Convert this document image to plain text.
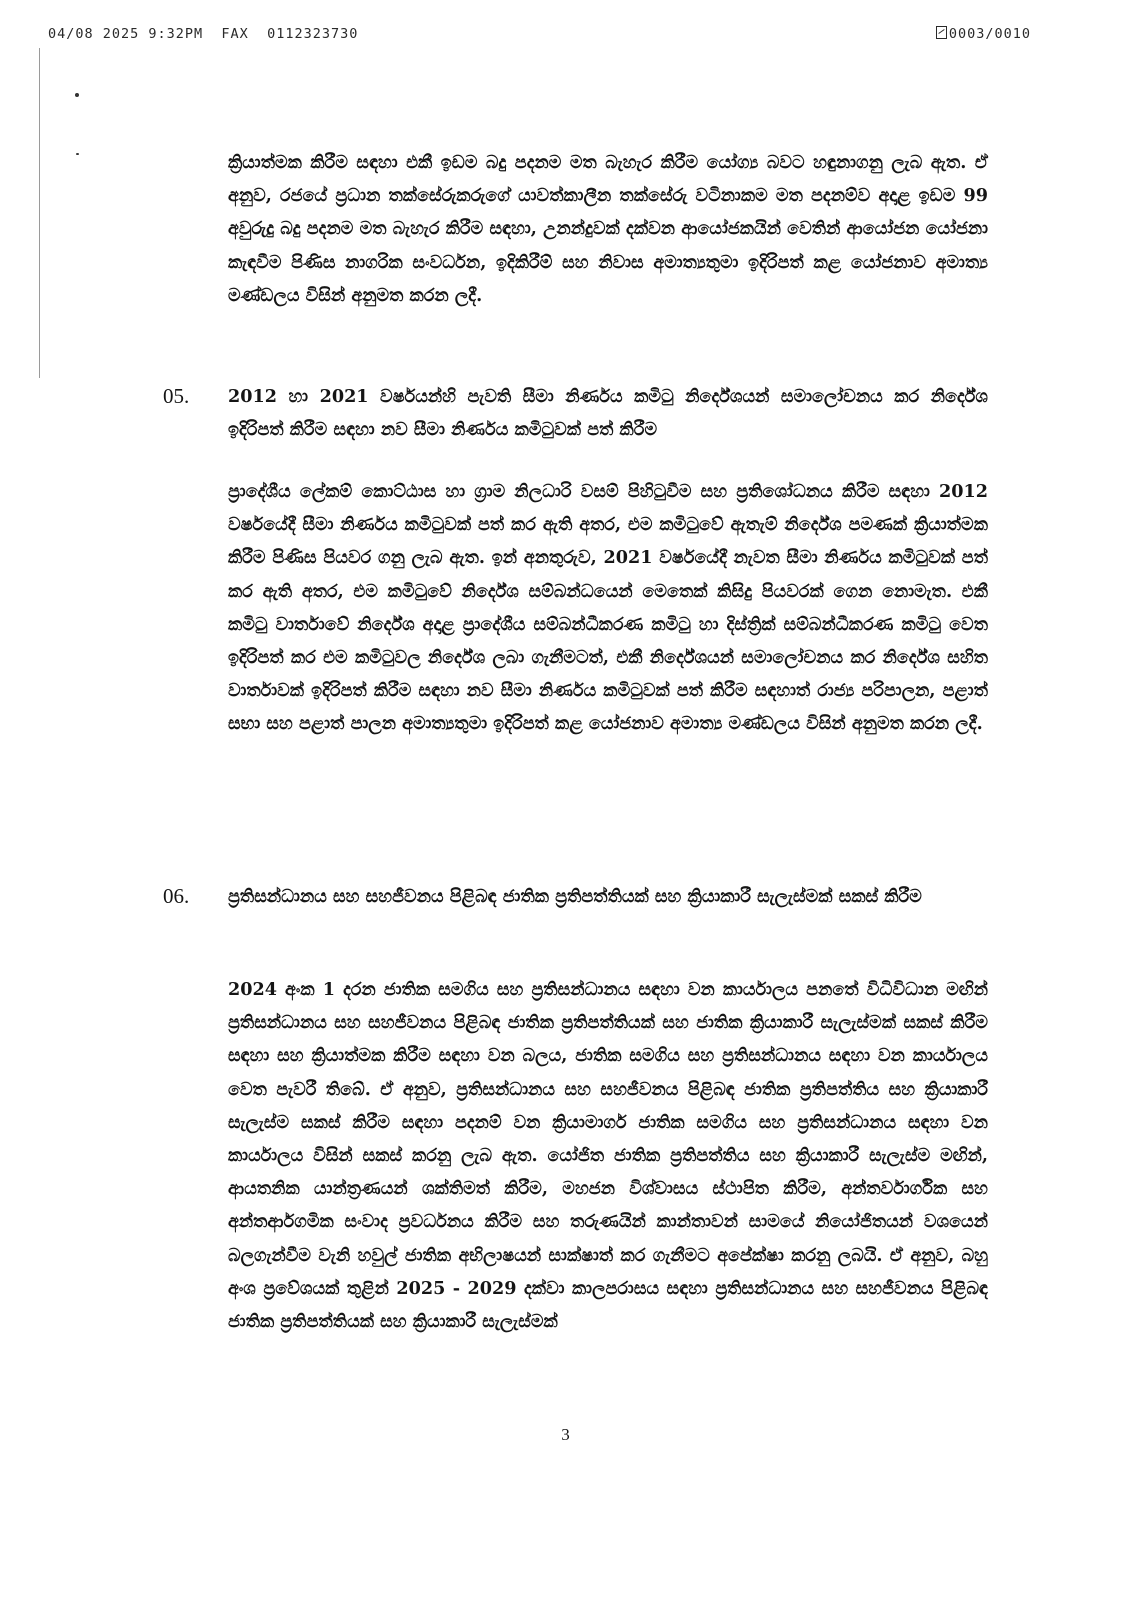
04/08 2025 9:32PM  FAX  0112323730	0003/0010
ක්‍රියාත්මක කිරීම සඳහා එකී ඉඩම බදු පදනම මත බැහැර කිරීම යෝග්‍ය බවට හඳුනාගනු ලැබ ඇත. ඒ අනුව, රජයේ ප්‍රධාන තක්සේරුකරුගේ යාවත්කාලීන තක්සේරු වටිනාකම මත පදනම්ව අදාළ ඉඩම 99 අවුරුදු බදු පදනම මත බැහැර කිරීම සඳහා, උනන්දුවක් දක්වන ආයෝජකයින් වෙතින් ආයෝජන යෝජනා කැඳවීම පිණිස නාගරික සංවර්ධන, ඉදිකිරීම් සහ නිවාස අමාත්‍යතුමා ඉදිරිපත් කළ යෝජනාව අමාත්‍ය මණ්ඩලය විසින් අනුමත කරන ලදී.
05. 2012 හා 2021 වර්ෂයන්හි පැවති සීමා නිර්ණය කමිටු නිර්දේශයන් සමාලෝචනය කර නිර්දේශ ඉදිරිපත් කිරීම සඳහා නව සීමා නිර්ණය කමිටුවක් පත් කිරීම
ප්‍රාදේශීය ලේකම් කොට්ඨාස හා ග්‍රාම නිලධාරි වසම් පිහිටුවීම සහ ප්‍රතිශෝධනය කිරීම සඳහා 2012 වර්ෂයේදී සීමා නිර්ණය කමිටුවක් පත් කර ඇති අතර, එම කමිටුවේ ඇතැම් නිර්දේශ පමණක් ක්‍රියාත්මක කිරීම පිණිස පියවර ගනු ලැබ ඇත. ඉන් අනතුරුව, 2021 වර්ෂයේදී නැවත සීමා නිර්ණය කමිටුවක් පත් කර ඇති අතර, එම කමිටුවේ නිර්දේශ සම්බන්ධයෙන් මෙතෙක් කිසිදු පියවරක් ගෙන නොමැත. එකී කමිටු වාර්තාවේ නිර්දේශ අදාළ ප්‍රාදේශීය සම්බන්ධීකරණ කමිටු හා දිස්ත්‍රික් සම්බන්ධීකරණ කමිටු වෙත ඉදිරිපත් කර එම කමිටුවල නිර්දේශ ලබා ගැනීමටත්, එකී නිර්දේශයන් සමාලෝචනය කර නිර්දේශ සහිත වාර්තාවක් ඉදිරිපත් කිරීම සඳහා නව සීමා නිර්ණය කමිටුවක් පත් කිරීම සඳහාත් රාජ්‍ය පරිපාලන, පළාත් සභා සහ පළාත් පාලන අමාත්‍යතුමා ඉදිරිපත් කළ යෝජනාව අමාත්‍ය මණ්ඩලය විසින් අනුමත කරන ලදී.
06. ප්‍රතිසන්ධානය සහ සහජීවනය පිළිබඳ ජාතික ප්‍රතිපත්තියක් සහ ක්‍රියාකාරී සැලැස්මක් සකස් කිරීම
2024 අංක 1 දරන ජාතික සමගිය සහ ප්‍රතිසන්ධානය සඳහා වන කාර්යාලය පනතේ විධිවිධාන මඟින් ප්‍රතිසන්ධානය සහ සහජීවනය පිළිබඳ ජාතික ප්‍රතිපත්තියක් සහ ජාතික ක්‍රියාකාරී සැලැස්මක් සකස් කිරීම සඳහා සහ ක්‍රියාත්මක කිරීම සඳහා වන බලය, ජාතික සමගිය සහ ප්‍රතිසන්ධානය සඳහා වන කාර්යාලය වෙත පැවරී තිබේ. ඒ අනුව, ප්‍රතිසන්ධානය සහ සහජීවනය පිළිබඳ ජාතික ප්‍රතිපත්තිය සහ ක්‍රියාකාරී සැලැස්ම සකස් කිරීම සඳහා පදනම් වන ක්‍රියාමාර්ග ජාතික සමගිය සහ ප්‍රතිසන්ධානය සඳහා වන කාර්යාලය විසින් සකස් කරනු ලැබ ඇත. යෝජිත ජාතික ප්‍රතිපත්තිය සහ ක්‍රියාකාරී සැලැස්ම මඟින්, ආයතනික යාන්ත්‍රණයන් ශක්තිමත් කිරීම, මහජන විශ්වාසය ස්ථාපිත කිරීම, අන්තර්වාර්ගික සහ අන්තර්ආගමික සංවාද ප්‍රවර්ධනය කිරීම සහ තරුණයින් කාන්තාවන් සාමයේ නියෝජිතයන් වශයෙන් බලගැන්වීම වැනි හවුල් ජාතික අභිලාෂයන් සාක්ෂාත් කර ගැනීමට අපේක්ෂා කරනු ලබයි. ඒ අනුව, බහු අංශ ප්‍රවේශයක් තුළින් 2025 - 2029 දක්වා කාලපරාසය සඳහා ප්‍රතිසන්ධානය සහ සහජීවනය පිළිබඳ ජාතික ප්‍රතිපත්තියක් සහ ක්‍රියාකාරී සැලැස්මක්
3
